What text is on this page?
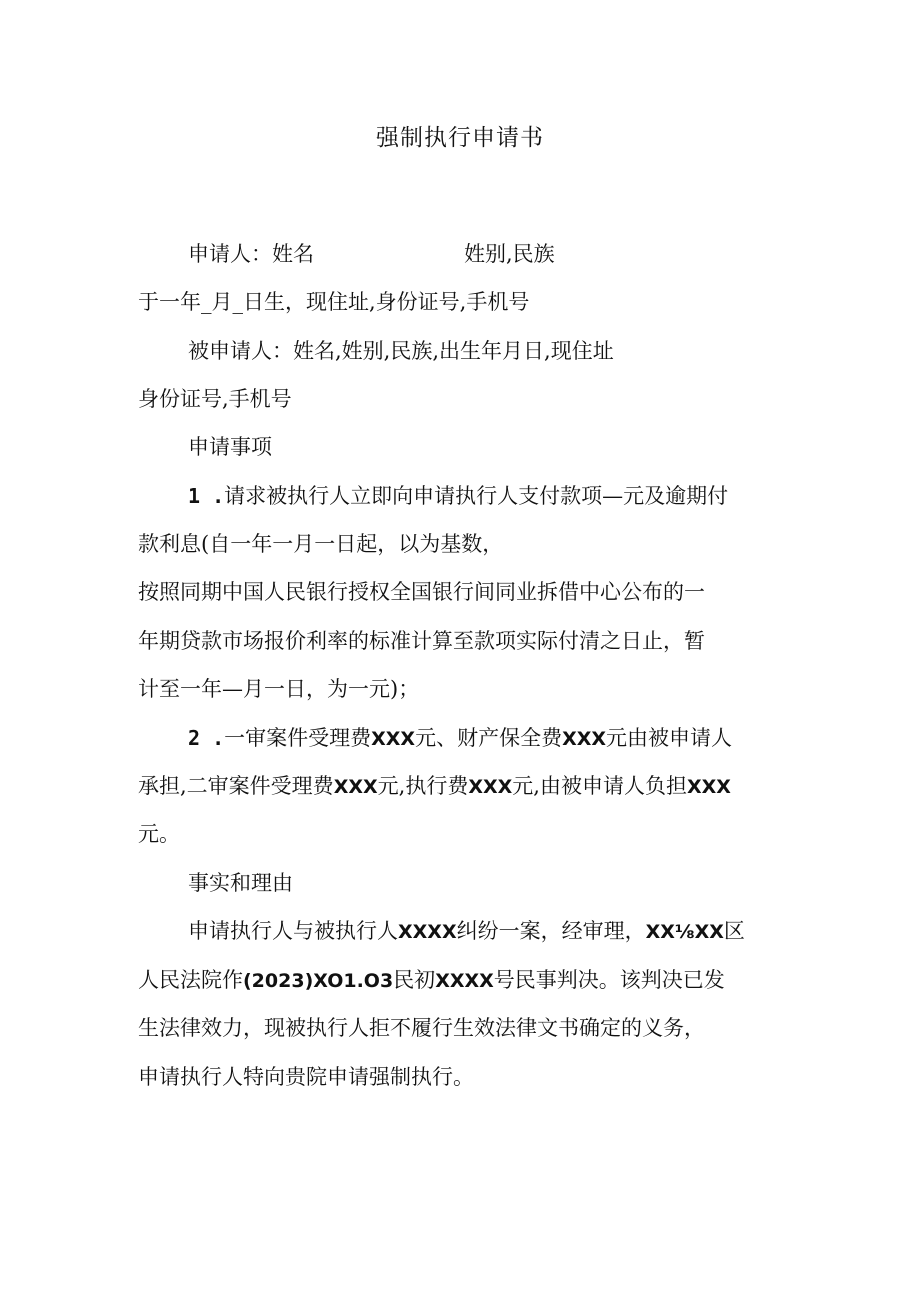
强制执行申请书
申请人：姓名	姓别,民族
于一年_月_日生，现住址,身份证号,手机号
被申请人：姓名,姓别,民族,出生年月日,现住址
身份证号,手机号
申请事项
1 .请求被执行人立即向申请执行人支付款项—元及逾期付
款利息(自一年一月一日起，以为基数，
按照同期中国人民银行授权全国银行间同业拆借中心公布的一
年期贷款市场报价利率的标准计算至款项实际付清之日止，暂
计至一年—月一日，为一元)；
2 .一审案件受理费XXX元、财产保全费XXX元由被申请人
承担,二审案件受理费XXX元,执行费XXX元,由被申请人负担XXX
元。
事实和理由
申请执行人与被执行人XXXX纠纷一案，经审理，XX⅛XX区
人民法院作(2023)XO1.O3民初XXXX号民事判决。该判决已发
生法律效力，现被执行人拒不履行生效法律文书确定的义务，
申请执行人特向贵院申请强制执行。
